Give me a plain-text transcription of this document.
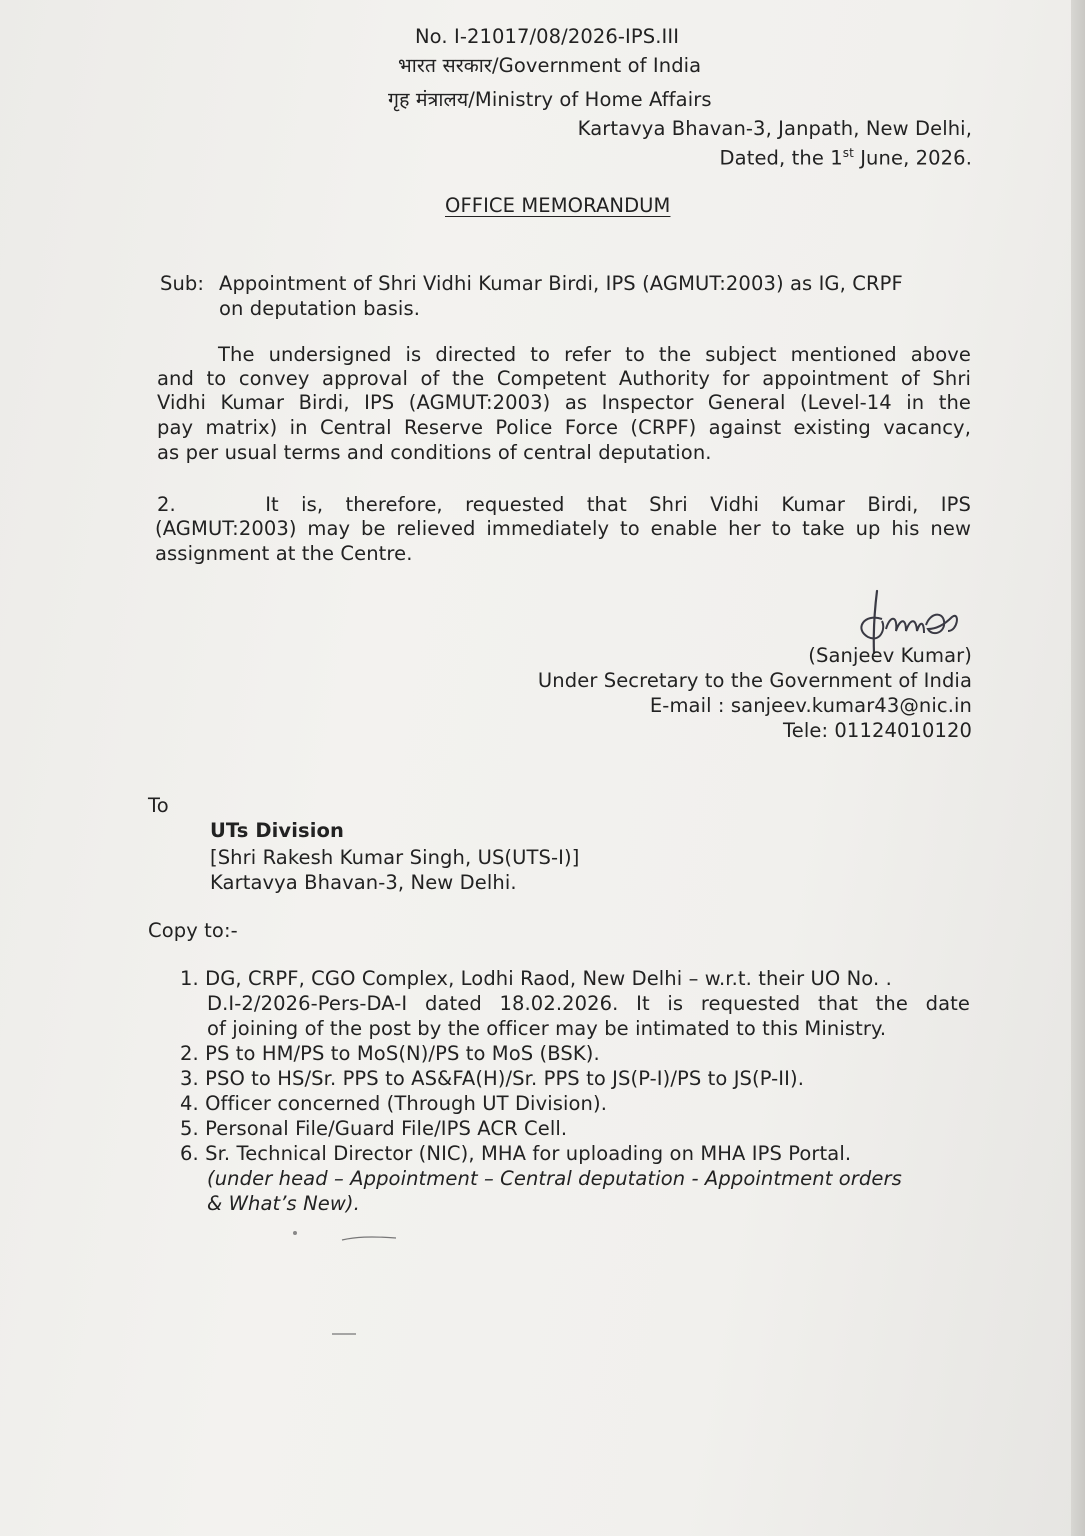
No. I-21017/08/2026-IPS.III
भारत सरकार/Government of India
गृह मंत्रालय/Ministry of Home Affairs
Kartavya Bhavan-3, Janpath, New Delhi,
Dated, the 1st June, 2026.
OFFICE MEMORANDUM
Sub: Appointment of Shri Vidhi Kumar Birdi, IPS (AGMUT:2003) as IG, CRPF
on deputation basis.
The undersigned is directed to refer to the subject mentioned above
and to convey approval of the Competent Authority for appointment of Shri
Vidhi Kumar Birdi, IPS (AGMUT:2003) as Inspector General (Level-14 in the
pay matrix) in Central Reserve Police Force (CRPF) against existing vacancy,
as per usual terms and conditions of central deputation.
2.    It is, therefore, requested that Shri Vidhi Kumar Birdi, IPS
(AGMUT:2003) may be relieved immediately to enable her to take up his new
assignment at the Centre.
(Sanjeev Kumar)
Under Secretary to the Government of India
E-mail : sanjeev.kumar43@nic.in
Tele: 01124010120
To
UTs Division
[Shri Rakesh Kumar Singh, US(UTS-I)]
Kartavya Bhavan-3, New Delhi.
Copy to:-
1. DG, CRPF, CGO Complex, Lodhi Raod, New Delhi – w.r.t. their UO No. .
D.I-2/2026-Pers-DA-I dated 18.02.2026. It is requested that the date
of joining of the post by the officer may be intimated to this Ministry.
2. PS to HM/PS to MoS(N)/PS to MoS (BSK).
3. PSO to HS/Sr. PPS to AS&FA(H)/Sr. PPS to JS(P-I)/PS to JS(P-II).
4. Officer concerned (Through UT Division).
5. Personal File/Guard File/IPS ACR Cell.
6. Sr. Technical Director (NIC), MHA for uploading on MHA IPS Portal.
(under head – Appointment – Central deputation - Appointment orders
& What’s New).
